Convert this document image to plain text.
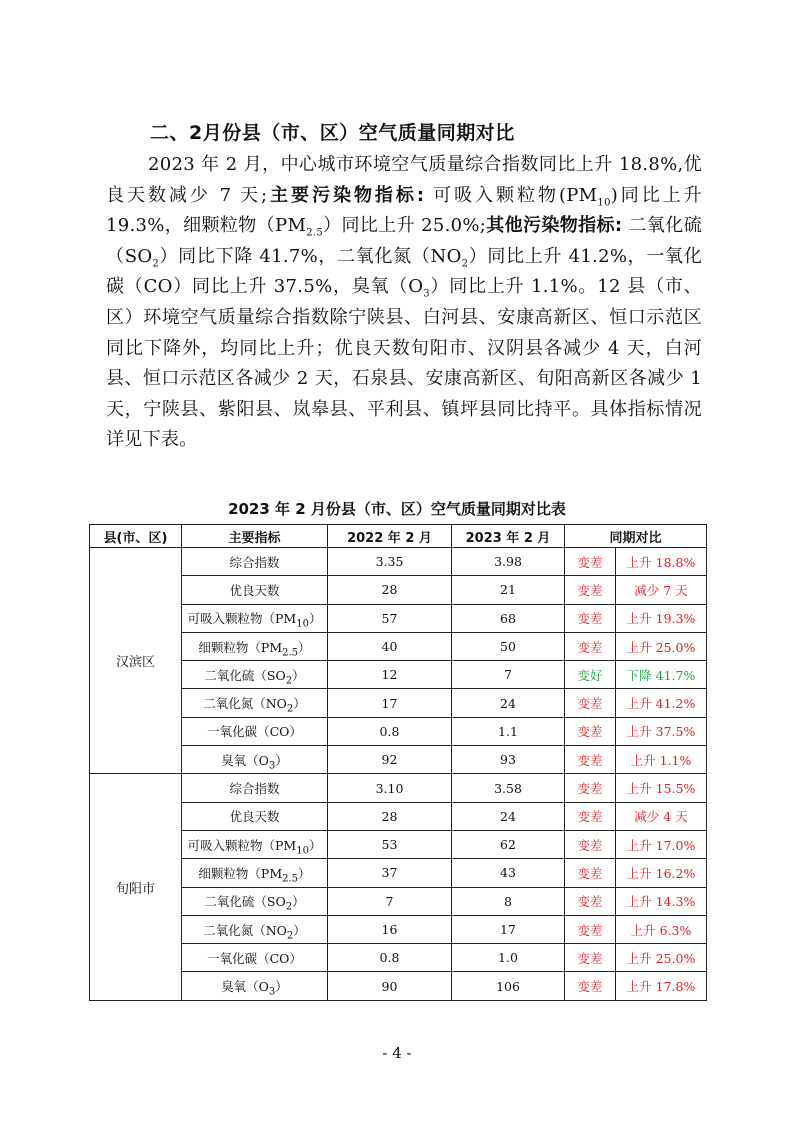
二、2月份县（市、区）空气质量同期对比
2023 年 2 月，中心城市环境空气质量综合指数同比上升 18.8%,优良天数减少 7 天;主要污染物指标: 可吸入颗粒物$(PM_{10})$同比上升 19.3%，细颗粒物$(PM_{2.5})$同比上升 25.0%;其他污染物指标: 二氧化硫$(SO_2)$同比下降 41.7%，二氧化氮$(NO_2)$同比上升 41.2%，一氧化碳（CO）同比上升 37.5%，臭氧$(O_3)$同比上升 1.1%。12 县（市、区）环境空气质量综合指数除宁陕县、白河县、安康高新区、恒口示范区同比下降外，均同比上升；优良天数旬阳市、汉阴县各减少 4 天，白河县、恒口示范区各减少 2 天，石泉县、安康高新区、旬阳高新区各减少 1 天，宁陕县、紫阳县、岚皋县、平利县、镇坪县同比持平。具体指标情况详见下表。
2023 年 2 月份县（市、区）空气质量同期对比表
县(市、区)	主要指标	2022 年 2 月	2023 年 2 月	同期对比	
汉滨区	综合指数	3.35	3.98	变差	上升 18.8%
	优良天数	28	21	变差	减少 7 天
	可吸入颗粒物$(PM_{10})$	57	68	变差	上升 19.3%
	细颗粒物$(PM_{2.5})$	40	50	变差	上升 25.0%
	二氧化硫$(SO_2)$	12	7	变好	下降 41.7%
	二氧化氮$(NO_2)$	17	24	变差	上升 41.2%
	一氧化碳（CO）	0.8	1.1	变差	上升 37.5%
	臭氧$(O_3)$	92	93	变差	上升 1.1%
旬阳市	综合指数	3.10	3.58	变差	上升 15.5%
	优良天数	28	24	变差	减少 4 天
	可吸入颗粒物$(PM_{10})$	53	62	变差	上升 17.0%
	细颗粒物$(PM_{2.5})$	37	43	变差	上升 16.2%
	二氧化硫$(SO_2)$	7	8	变差	上升 14.3%
	二氧化氮$(NO_2)$	16	17	变差	上升 6.3%
	一氧化碳（CO）	0.8	1.0	变差	上升 25.0%
	臭氧$(O_3)$	90	106	变差	上升 17.8%
- 4 -
